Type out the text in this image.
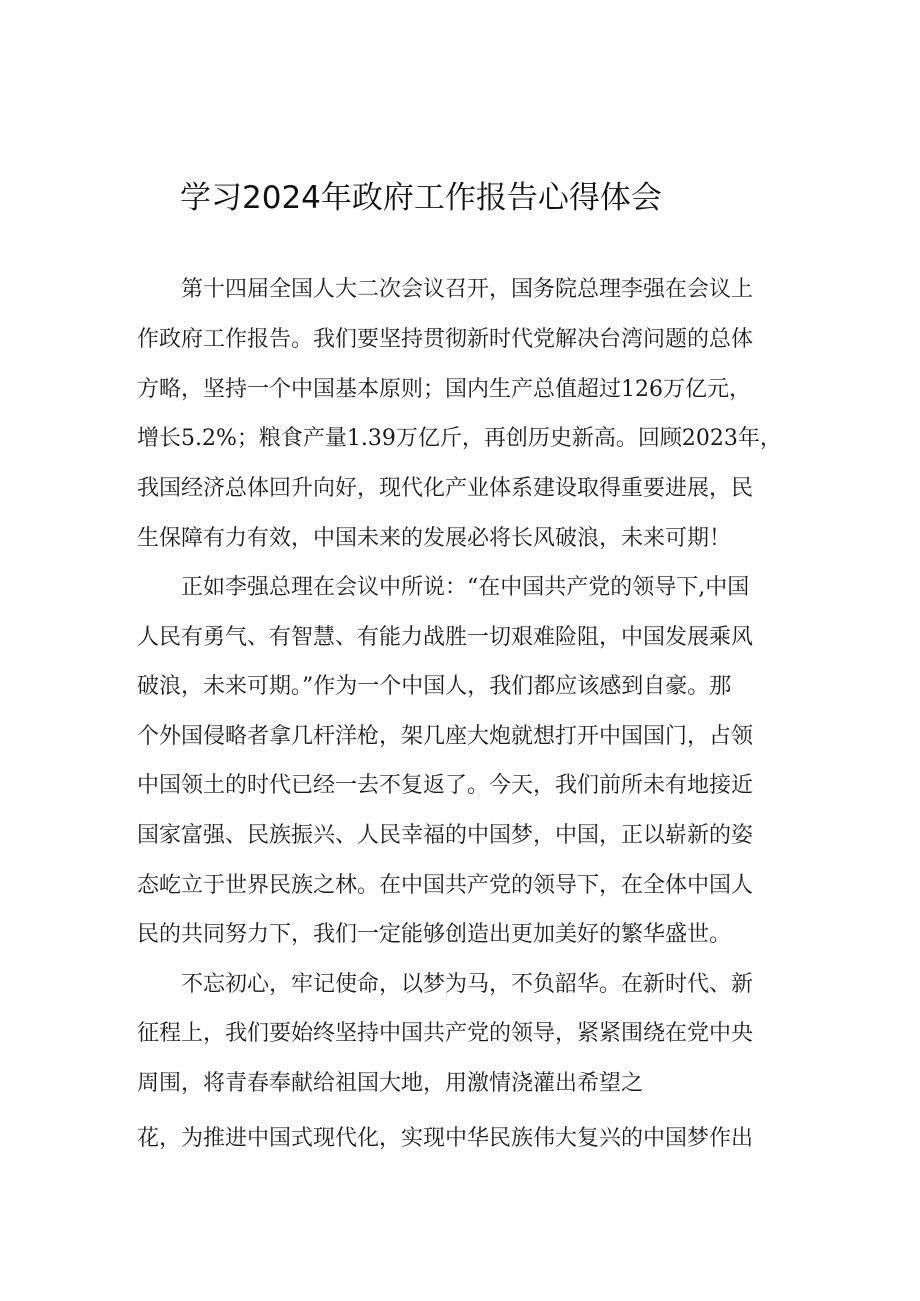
学习2024年政府工作报告心得体会
　　第十四届全国人大二次会议召开，国务院总理李强在会议上
作政府工作报告。我们要坚持贯彻新时代党解决台湾问题的总体
方略，坚持一个中国基本原则；国内生产总值超过126万亿元，
增长5.2%；粮食产量1.39万亿斤，再创历史新高。回顾2023年，
我国经济总体回升向好，现代化产业体系建设取得重要进展，民
生保障有力有效，中国未来的发展必将长风破浪，未来可期！
　　正如李强总理在会议中所说：“在中国共产党的领导下,中国
人民有勇气、有智慧、有能力战胜一切艰难险阻，中国发展乘风
破浪，未来可期。”作为一个中国人，我们都应该感到自豪。那
个外国侵略者拿几杆洋枪，架几座大炮就想打开中国国门，占领
中国领土的时代已经一去不复返了。今天，我们前所未有地接近
国家富强、民族振兴、人民幸福的中国梦，中国，正以崭新的姿
态屹立于世界民族之林。在中国共产党的领导下，在全体中国人
民的共同努力下，我们一定能够创造出更加美好的繁华盛世。
　　不忘初心，牢记使命，以梦为马，不负韶华。在新时代、新
征程上，我们要始终坚持中国共产党的领导，紧紧围绕在党中央
周围，将青春奉献给祖国大地，用激情浇灌出希望之
花，为推进中国式现代化，实现中华民族伟大复兴的中国梦作出
